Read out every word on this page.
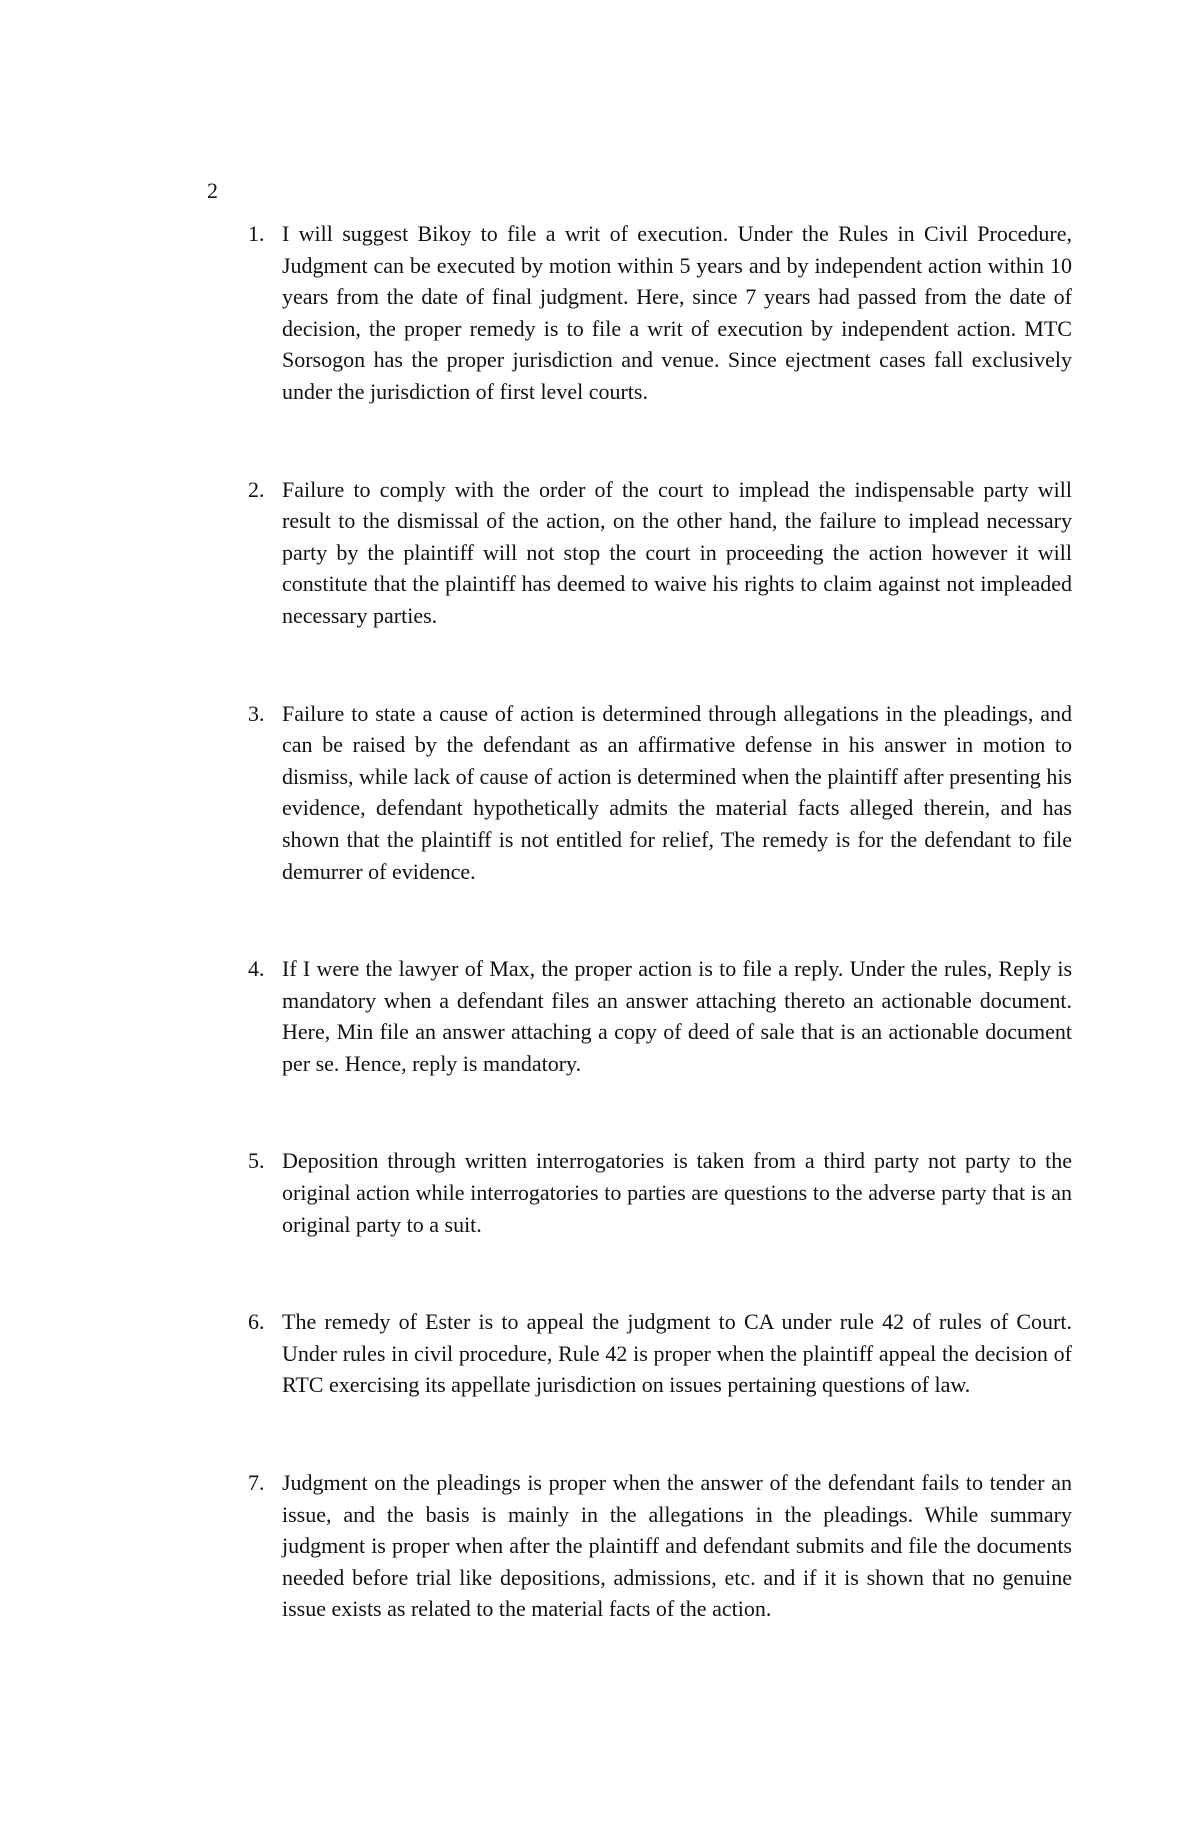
2
1. I will suggest Bikoy to file a writ of execution. Under the Rules in Civil Procedure, Judgment can be executed by motion within 5 years and by independent action within 10 years from the date of final judgment. Here, since 7 years had passed from the date of decision, the proper remedy is to file a writ of execution by independent action. MTC Sorsogon has the proper jurisdiction and venue. Since ejectment cases fall exclusively under the jurisdiction of first level courts.
2. Failure to comply with the order of the court to implead the indispensable party will result to the dismissal of the action, on the other hand, the failure to implead necessary party by the plaintiff will not stop the court in proceeding the action however it will constitute that the plaintiff has deemed to waive his rights to claim against not impleaded necessary parties.
3. Failure to state a cause of action is determined through allegations in the pleadings, and can be raised by the defendant as an affirmative defense in his answer in motion to dismiss, while lack of cause of action is determined when the plaintiff after presenting his evidence, defendant hypothetically admits the material facts alleged therein, and has shown that the plaintiff is not entitled for relief, The remedy is for the defendant to file demurrer of evidence.
4. If I were the lawyer of Max, the proper action is to file a reply. Under the rules, Reply is mandatory when a defendant files an answer attaching thereto an actionable document. Here, Min file an answer attaching a copy of deed of sale that is an actionable document per se. Hence, reply is mandatory.
5. Deposition through written interrogatories is taken from a third party not party to the original action while interrogatories to parties are questions to the adverse party that is an original party to a suit.
6. The remedy of Ester is to appeal the judgment to CA under rule 42 of rules of Court. Under rules in civil procedure, Rule 42 is proper when the plaintiff appeal the decision of RTC exercising its appellate jurisdiction on issues pertaining questions of law.
7. Judgment on the pleadings is proper when the answer of the defendant fails to tender an issue, and the basis is mainly in the allegations in the pleadings. While summary judgment is proper when after the plaintiff and defendant submits and file the documents needed before trial like depositions, admissions, etc. and if it is shown that no genuine issue exists as related to the material facts of the action.
